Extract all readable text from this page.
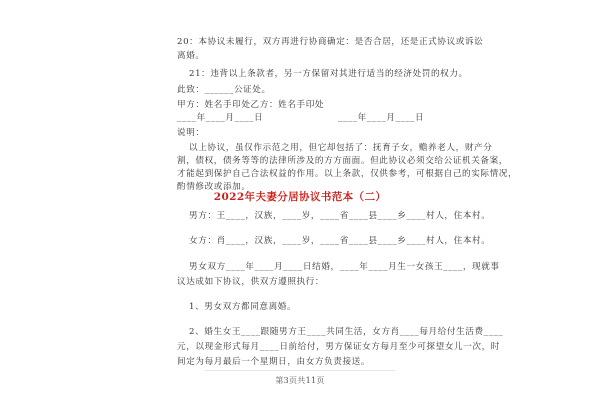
20：本协议未履行，双方再进行协商确定：是否合居，还是正式协议或诉讼
离婚。
21：违背以上条款者，另一方保留对其进行适当的经济处罚的权力。
此致：______公证处。
甲方：姓名手印处乙方：姓名手印处
____年____月____日	____年____月____日
说明：
以上协议，虽仅作示范之用，但它却包括了：抚育子女，赡养老人，财产分
割，债权，债务等等的法律所涉及的方方面面。但此协议必须交给公证机关备案，
才能起到保护自己合法权益的作用。以上条款，仅供参考，可根据自己的实际情况，
酌情修改或添加。
2022年夫妻分居协议书范本（二）
男方：王____，汉族，____岁，____省____县____乡____村人，住本村。
女方：肖____，汉族，____岁，____省____县____乡____村人，住本村。
男女双方____年____月____日结婚，____年____月生一女孩王____，现就事
议达成如下协议，供双方遵照执行：
1、男女双方都同意离婚。
2、婚生女王____跟随男方王____共同生活，女方肖____每月给付生活费____
元，以现金形式每月____日前给付，男方保证女方每月至少可探望女儿一次，时
间定为每月最后一个星期日，由女方负责接送。
第3页共11页
